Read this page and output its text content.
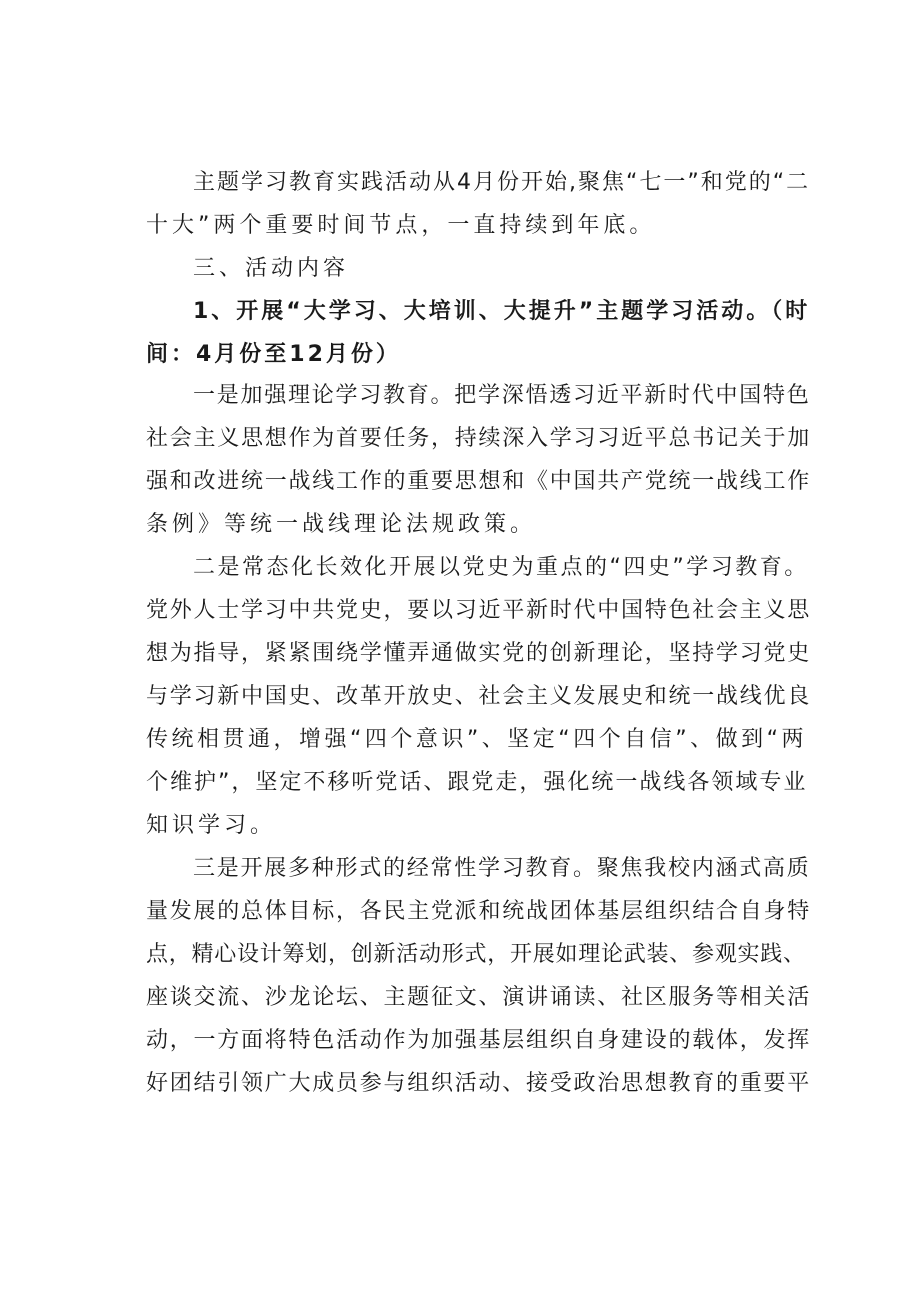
主题学习教育实践活动从4月份开始,聚焦“七一”和党的“二
十大”两个重要时间节点，一直持续到年底。
三、活动内容
1、开展“大学习、大培训、大提升”主题学习活动。（时
间：4月份至12月份）
一是加强理论学习教育。把学深悟透习近平新时代中国特色
社会主义思想作为首要任务，持续深入学习习近平总书记关于加
强和改进统一战线工作的重要思想和《中国共产党统一战线工作
条例》等统一战线理论法规政策。
二是常态化长效化开展以党史为重点的“四史”学习教育。
党外人士学习中共党史，要以习近平新时代中国特色社会主义思
想为指导，紧紧围绕学懂弄通做实党的创新理论，坚持学习党史
与学习新中国史、改革开放史、社会主义发展史和统一战线优良
传统相贯通，增强“四个意识”、坚定“四个自信”、做到“两
个维护”，坚定不移听党话、跟党走，强化统一战线各领域专业
知识学习。
三是开展多种形式的经常性学习教育。聚焦我校内涵式高质
量发展的总体目标，各民主党派和统战团体基层组织结合自身特
点，精心设计筹划，创新活动形式，开展如理论武装、参观实践、
座谈交流、沙龙论坛、主题征文、演讲诵读、社区服务等相关活
动，一方面将特色活动作为加强基层组织自身建设的载体，发挥
好团结引领广大成员参与组织活动、接受政治思想教育的重要平
